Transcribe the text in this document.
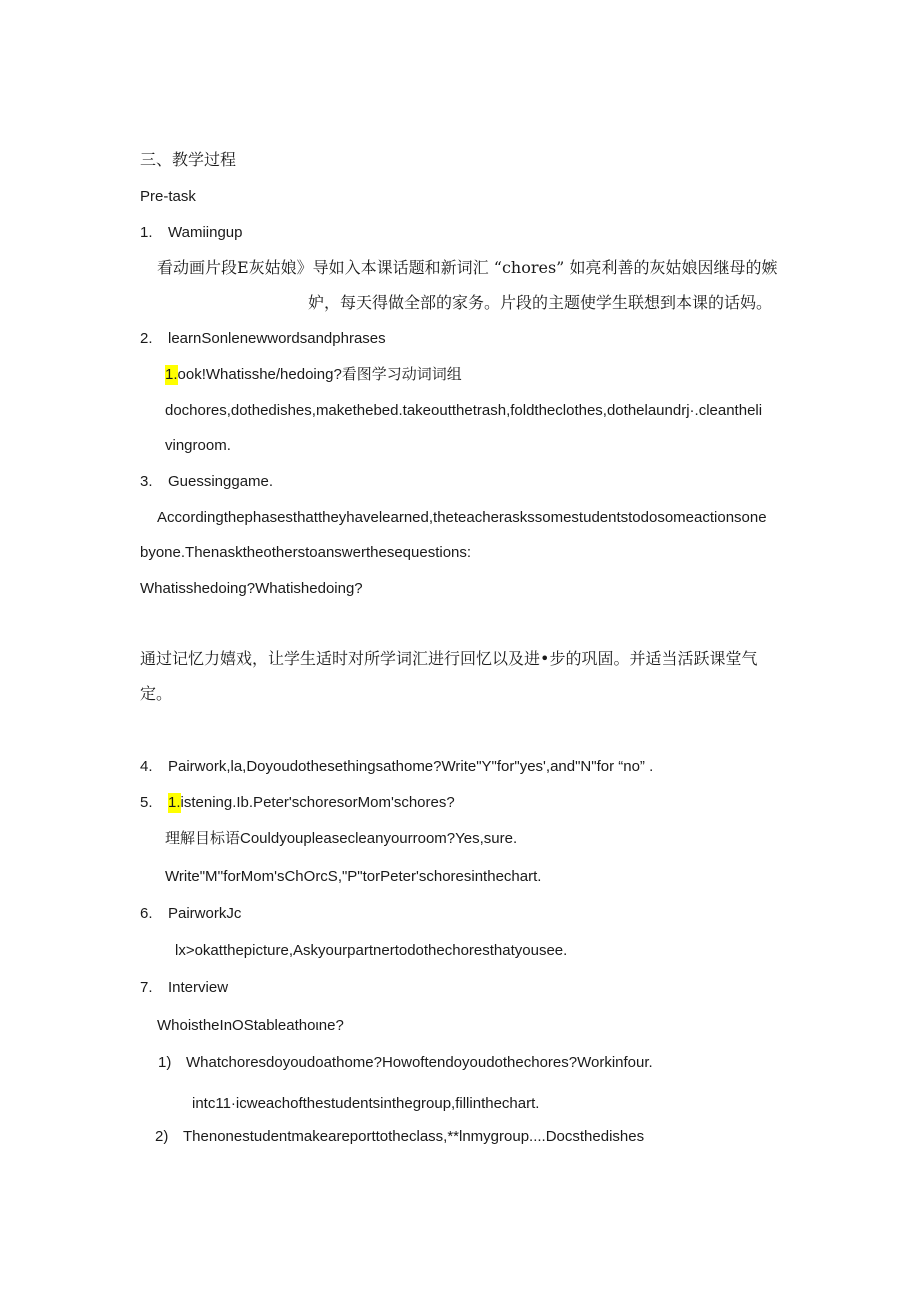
三、教学过程
Pre-task
1. Wamiingup
看动画片段E灰姑娘》导如入本课话题和新词汇 “chores” 如亮利善的灰姑娘因继母的嫉
妒，每天得做全部的家务。片段的主题使学生联想到本课的话妈。
2. learnSonlenewwordsandphrases
1.ook!Whatisshe/hedoing?看图学习动词词组
dochores,dothedishes,makethebed.takeoutthetrash,foldtheclothes,dothelaundrj·.cleantheli
vingroom.
3. Guessinggame.
Accordingthephasesthattheyhavelearned,theteacheraskssomestudentstodosomeactionsone
byone.Thenasktheotherstoanswerthesequestions:
Whatisshedoing?Whatishedoing?
通过记忆力嬉戏，让学生适时对所学词汇进行回忆以及进•步的巩固。并适当活跃课堂气
定。
4. Pairwork,la,Doyoudothesethingsathome?Write"Y"for"yes',and"N"for “no” .
5. 1.istening.Ib.Peter'schoresorMom'schores?
理解目标语Couldyoupleasecleanyourroom?Yes,sure.
Write"M''forMom'sChOrcS,"P"torPeter'schoresinthechart.
6. PairworkJc
lx>okatthepicture,Askyourpartnertodothechoresthatyousee.
7. Interview
WhoistheInOStableathoιne?
1) Whatchoresdoyoudoathome?Howoftendoyoudothechores?Workinfour.
intc11·icweachofthestudentsinthegroup,fillinthechart.
2) Thenonestudentmakeareporttotheclass,**lnmygroup....Docsthedishes
